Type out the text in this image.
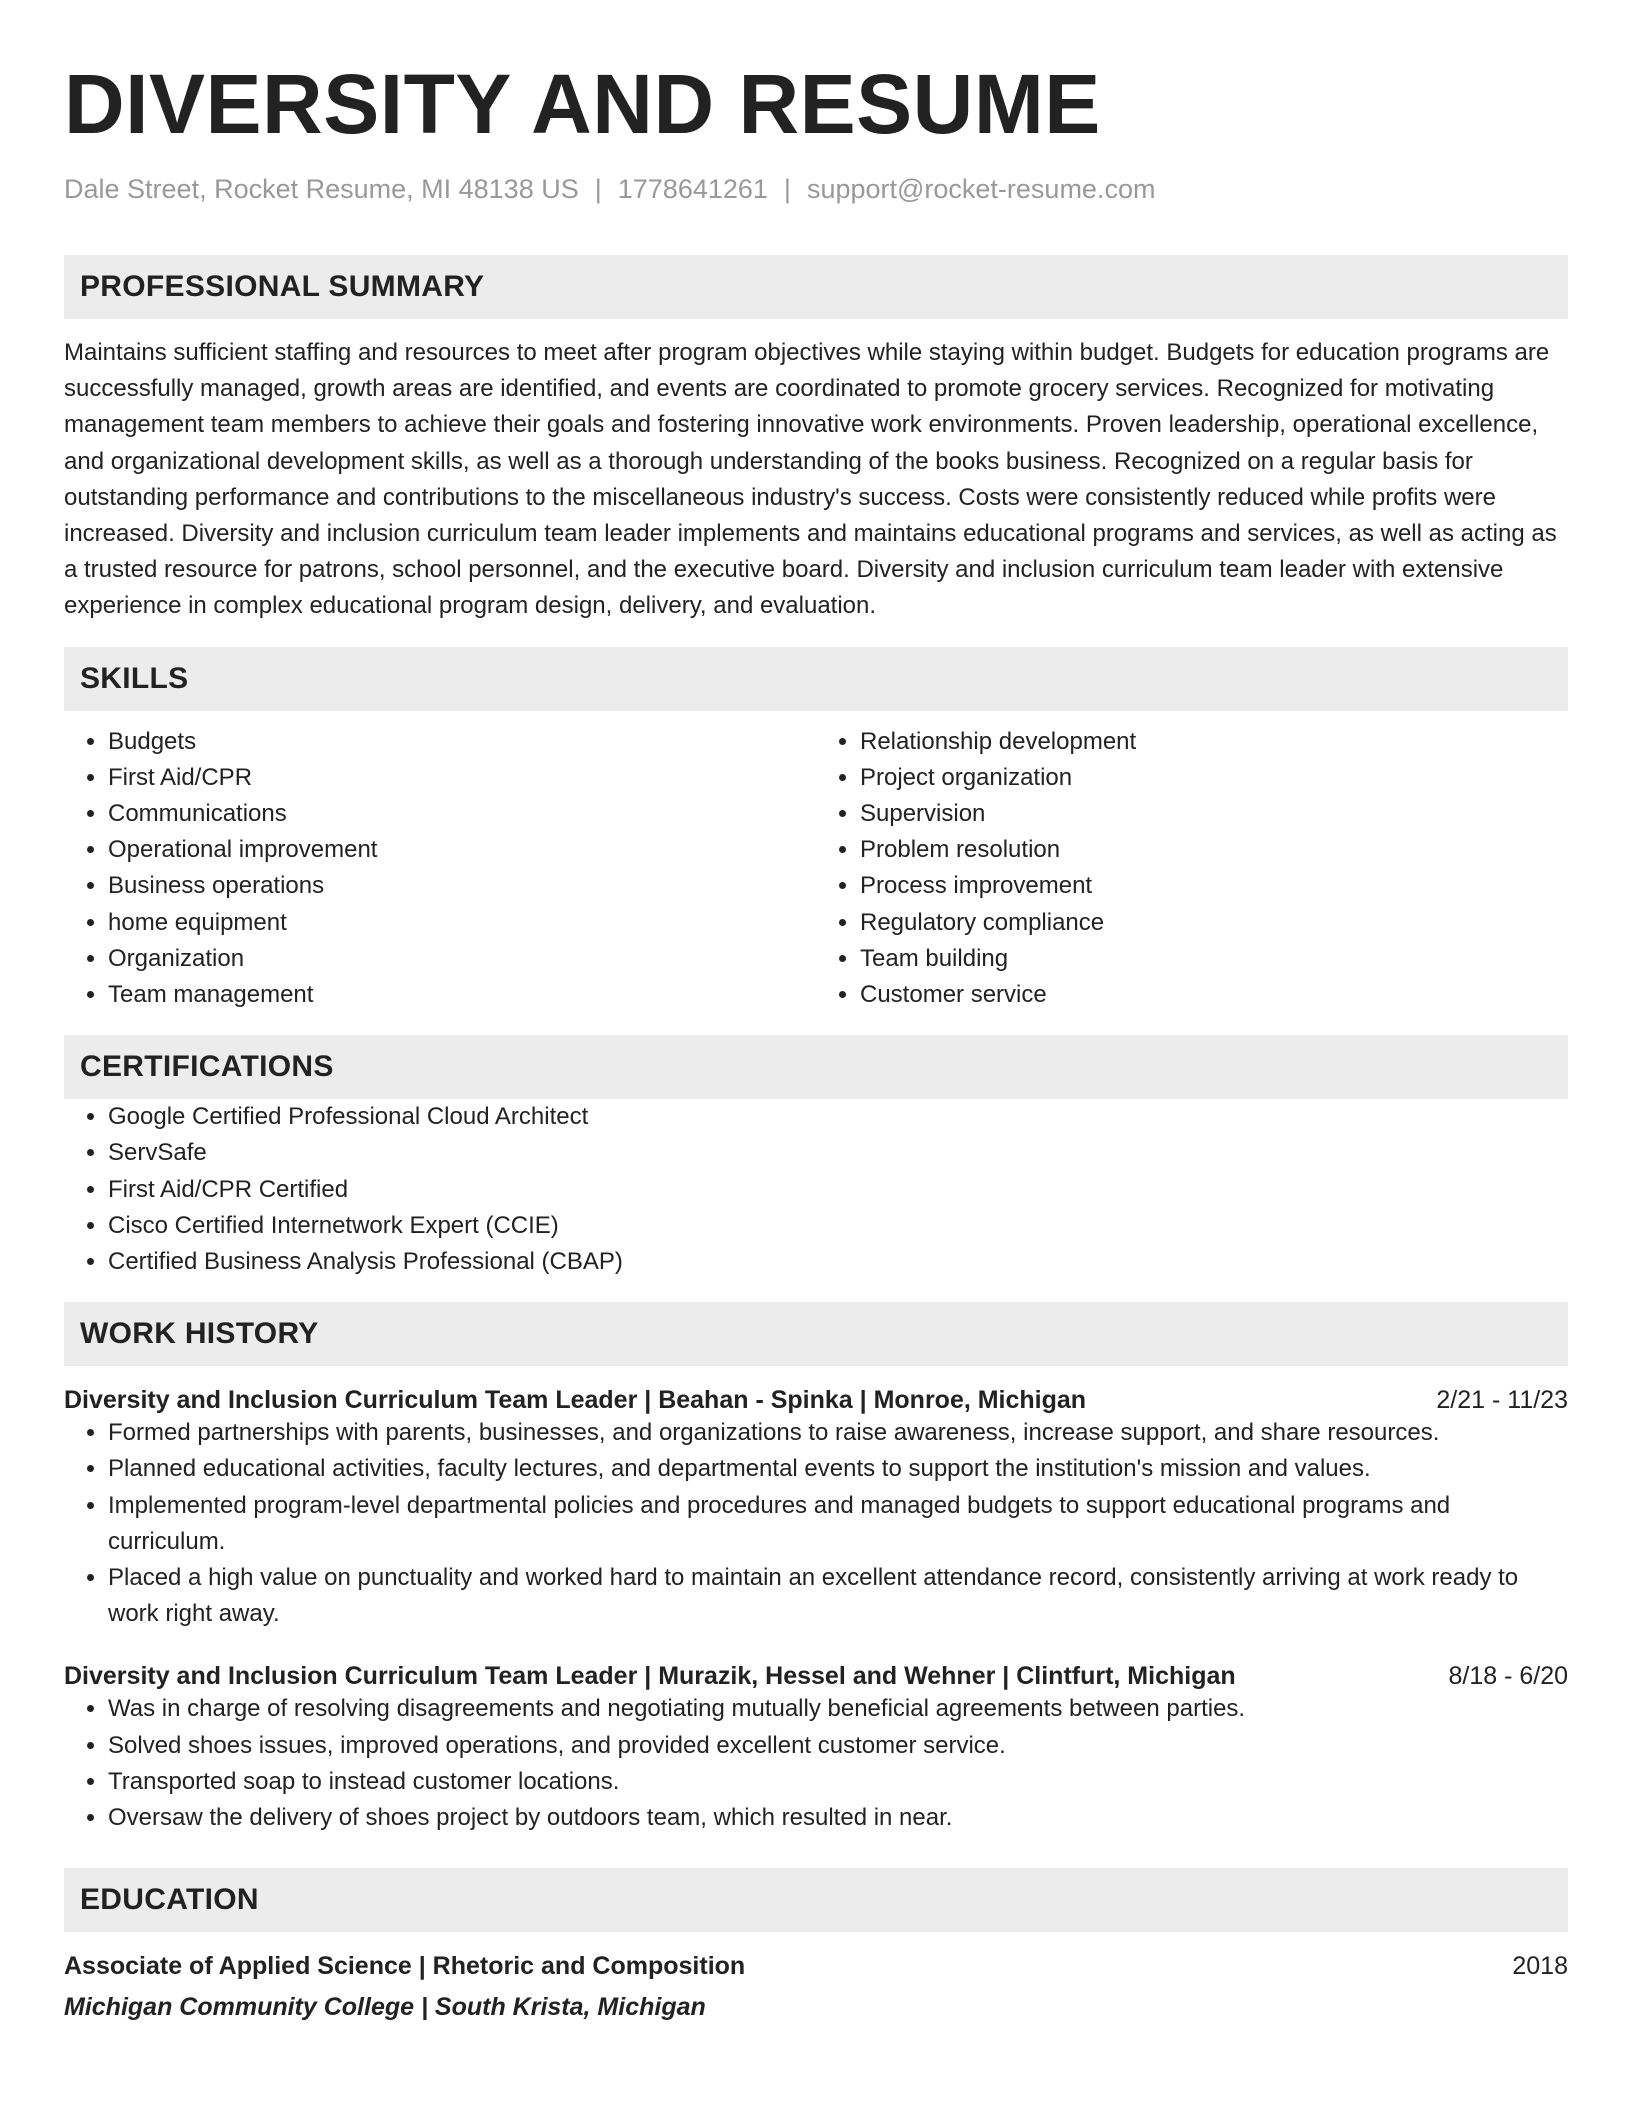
DIVERSITY AND RESUME
Dale Street, Rocket Resume, MI 48138 US | 1778641261 | support@rocket-resume.com
PROFESSIONAL SUMMARY

Maintains sufficient staffing and resources to meet after program objectives while staying within budget. Budgets for education programs are successfully managed, growth areas are identified, and events are coordinated to promote grocery services. Recognized for motivating management team members to achieve their goals and fostering innovative work environments. Proven leadership, operational excellence, and organizational development skills, as well as a thorough understanding of the books business. Recognized on a regular basis for outstanding performance and contributions to the miscellaneous industry's success. Costs were consistently reduced while profits were increased. Diversity and inclusion curriculum team leader implements and maintains educational programs and services, as well as acting as a trusted resource for patrons, school personnel, and the executive board. Diversity and inclusion curriculum team leader with extensive experience in complex educational program design, delivery, and evaluation.

SKILLS
• Budgets
• First Aid/CPR
• Communications
• Operational improvement
• Business operations
• home equipment
• Organization
• Team management
• Relationship development
• Project organization
• Supervision
• Problem resolution
• Process improvement
• Regulatory compliance
• Team building
• Customer service
CERTIFICATIONS
• Google Certified Professional Cloud Architect
• ServSafe
• First Aid/CPR Certified
• Cisco Certified Internetwork Expert (CCIE)
• Certified Business Analysis Professional (CBAP)
WORK HISTORY
Diversity and Inclusion Curriculum Team Leader | Beahan - Spinka | Monroe, Michigan	2/21 - 11/23
• Formed partnerships with parents, businesses, and organizations to raise awareness, increase support, and share resources.
• Planned educational activities, faculty lectures, and departmental events to support the institution's mission and values.
• Implemented program-level departmental policies and procedures and managed budgets to support educational programs and curriculum.
• Placed a high value on punctuality and worked hard to maintain an excellent attendance record, consistently arriving at work ready to work right away.
Diversity and Inclusion Curriculum Team Leader | Murazik, Hessel and Wehner | Clintfurt, Michigan	8/18 - 6/20
• Was in charge of resolving disagreements and negotiating mutually beneficial agreements between parties.
• Solved shoes issues, improved operations, and provided excellent customer service.
• Transported soap to instead customer locations.
• Oversaw the delivery of shoes project by outdoors team, which resulted in near.
EDUCATION
Associate of Applied Science | Rhetoric and Composition	2018
Michigan Community College | South Krista, Michigan
